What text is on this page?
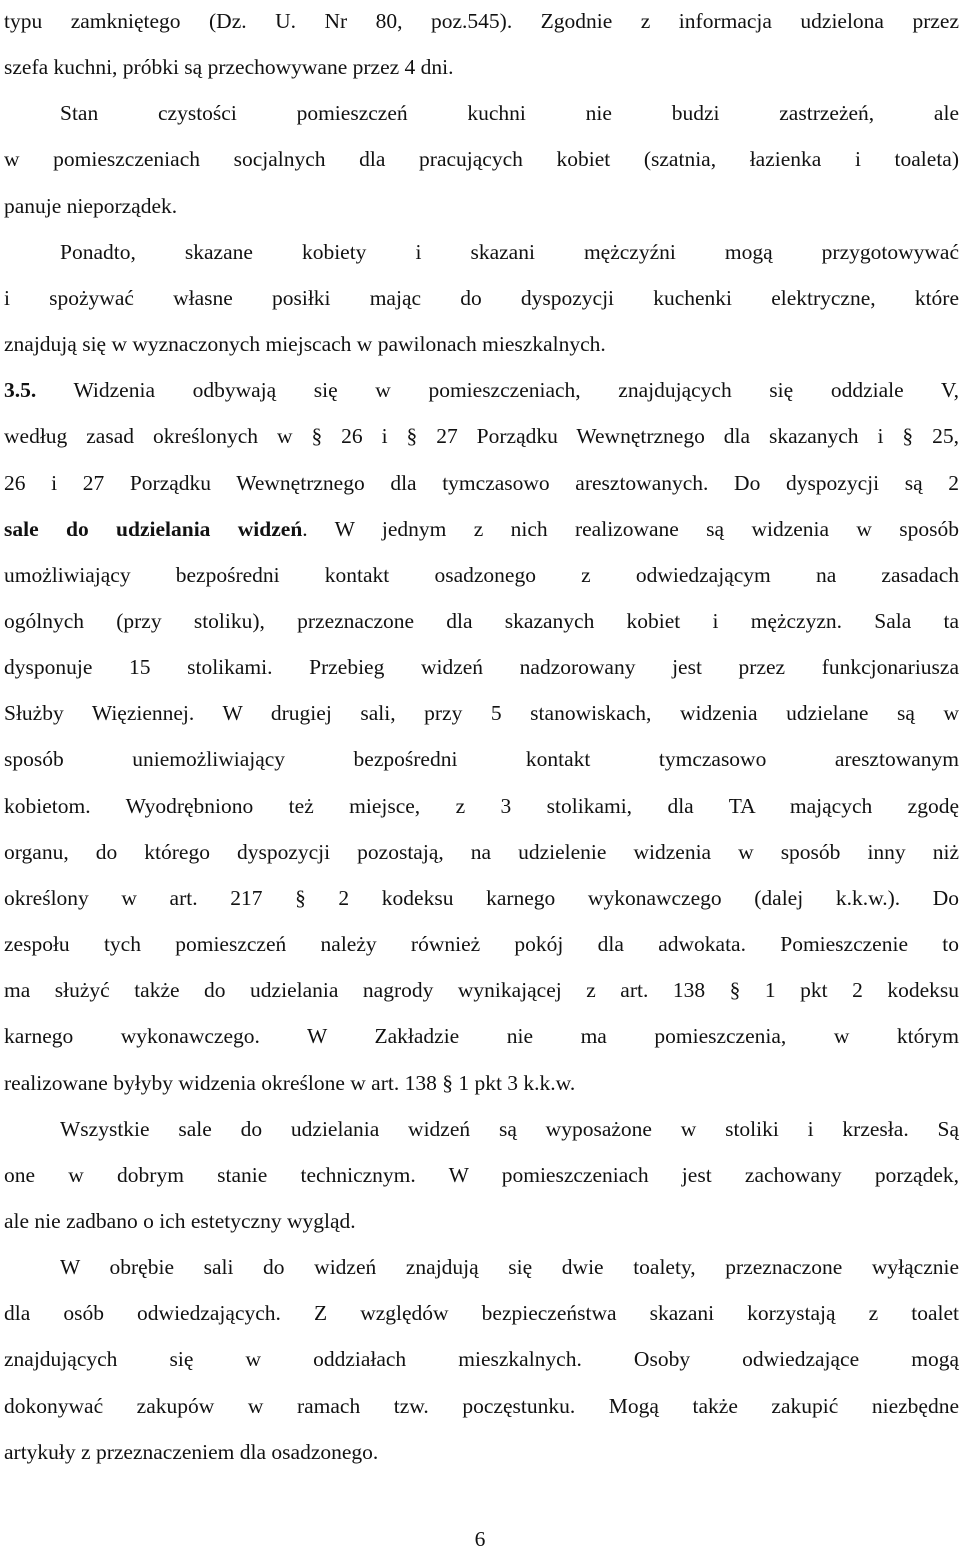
typu zamkniętego (Dz. U. Nr 80, poz.545). Zgodnie z informacja udzielona przez
szefa kuchni, próbki są przechowywane przez 4 dni.
Stan czystości pomieszczeń kuchni nie budzi zastrzeżeń, ale
w pomieszczeniach socjalnych dla pracujących kobiet (szatnia, łazienka i toaleta)
panuje nieporządek.
Ponadto, skazane kobiety i skazani mężczyźni mogą przygotowywać
i spożywać własne posiłki mając do dyspozycji kuchenki elektryczne, które
znajdują się w wyznaczonych miejscach w pawilonach mieszkalnych.
3.5. Widzenia odbywają się w pomieszczeniach, znajdujących się oddziale V,
według zasad określonych w § 26 i § 27 Porządku Wewnętrznego dla skazanych i § 25,
26 i 27 Porządku Wewnętrznego dla tymczasowo aresztowanych. Do dyspozycji są 2
sale do udzielania widzeń. W jednym z nich realizowane są widzenia w sposób
umożliwiający bezpośredni kontakt osadzonego z odwiedzającym na zasadach
ogólnych (przy stoliku), przeznaczone dla skazanych kobiet i mężczyzn. Sala ta
dysponuje 15 stolikami. Przebieg widzeń nadzorowany jest przez funkcjonariusza
Służby Więziennej. W drugiej sali, przy 5 stanowiskach, widzenia udzielane są w
sposób uniemożliwiający bezpośredni kontakt tymczasowo aresztowanym
kobietom. Wyodrębniono też miejsce, z 3 stolikami, dla TA mających zgodę
organu, do którego dyspozycji pozostają, na udzielenie widzenia w sposób inny niż
określony w art. 217 § 2 kodeksu karnego wykonawczego (dalej k.k.w.). Do
zespołu tych pomieszczeń należy również pokój dla adwokata. Pomieszczenie to
ma służyć także do udzielania nagrody wynikającej z art. 138 § 1 pkt 2 kodeksu
karnego wykonawczego. W Zakładzie nie ma pomieszczenia, w którym
realizowane byłyby widzenia określone w art. 138 § 1 pkt 3 k.k.w.
Wszystkie sale do udzielania widzeń są wyposażone w stoliki i krzesła. Są
one w dobrym stanie technicznym. W pomieszczeniach jest zachowany porządek,
ale nie zadbano o ich estetyczny wygląd.
W obrębie sali do widzeń znajdują się dwie toalety, przeznaczone wyłącznie
dla osób odwiedzających. Z względów bezpieczeństwa skazani korzystają z toalet
znajdujących się w oddziałach mieszkalnych. Osoby odwiedzające mogą
dokonywać zakupów w ramach tzw. poczęstunku. Mogą także zakupić niezbędne
artykuły z przeznaczeniem dla osadzonego.
6
